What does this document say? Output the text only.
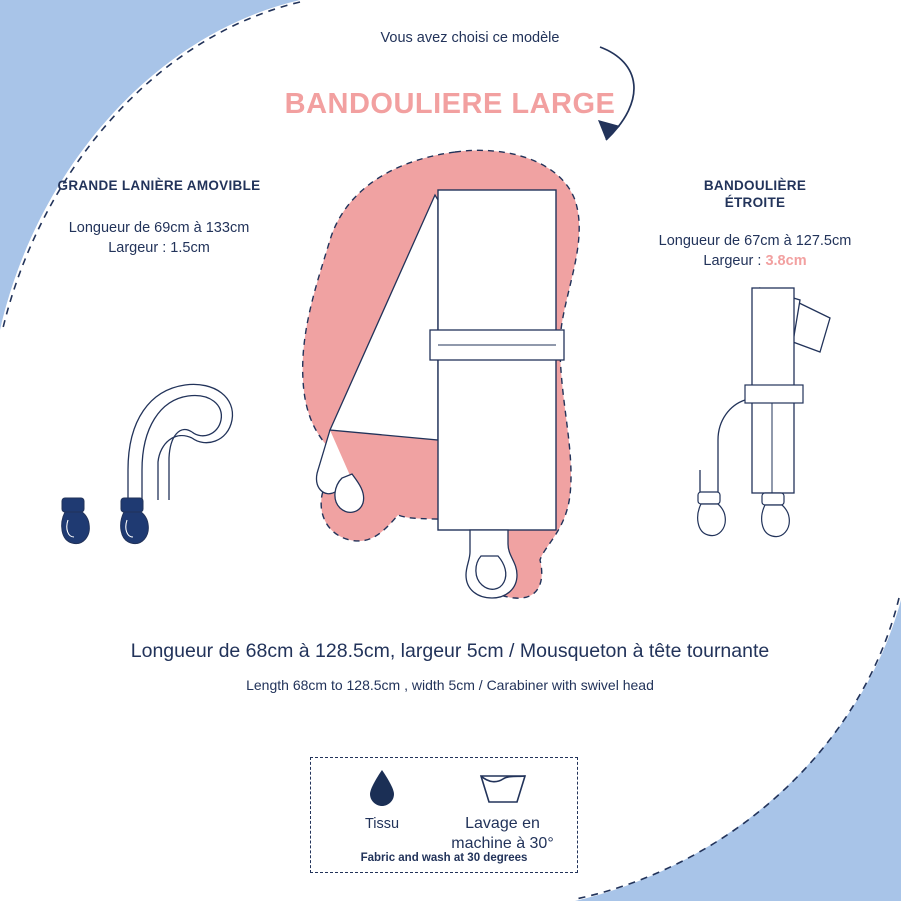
Vous avez choisi ce modèle
BANDOULIERE LARGE
GRANDE LANIÈRE AMOVIBLE
Longueur de 69cm à 133cm
Largeur : 1.5cm
BANDOULIÈRE
ÉTROITE
Longueur de 67cm à 127.5cm
Largeur : 3.8cm
Longueur de 68cm à 128.5cm, largeur 5cm / Mousqueton à tête tournante
Length 68cm to 128.5cm , width 5cm / Carabiner with swivel head
Tissu	Lavage en
machine à 30°
Fabric and wash at 30 degrees
